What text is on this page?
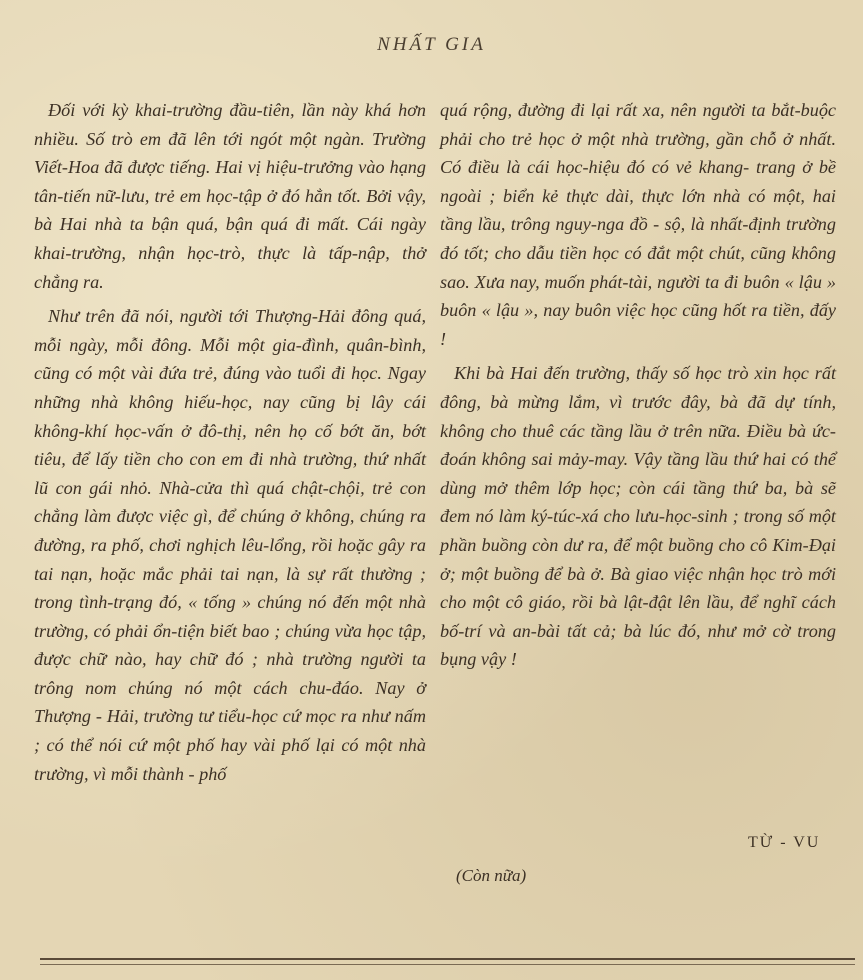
NHẤT GIA

Đối với kỳ khai-trường đầu-tiên, lần này khá hơn nhiều. Số trò em đã lên tới ngót một ngàn. Trường Viết-Hoa đã được tiếng. Hai vị hiệu-trưởng vào hạng tân-tiến nữ-lưu, trẻ em học-tập ở đó hẳn tốt. Bởi vậy, bà Hai nhà ta bận quá, bận quá đi mất. Cái ngày khai-trường, nhận học-trò, thực là tấp-nập, thở chẳng ra.

Như trên đã nói, người tới Thượng-Hải đông quá, mỗi ngày, mỗi đông. Mỗi một gia-đình, quân-bình, cũng có một vài đứa trẻ, đúng vào tuổi đi học. Ngay những nhà không hiếu-học, nay cũng bị lây cái không-khí học-vấn ở đô-thị, nên họ cố bớt ăn, bớt tiêu, để lấy tiền cho con em đi nhà trường, thứ nhất lũ con gái nhỏ. Nhà-cửa thì quá chật-chội, trẻ con chẳng làm được việc gì, để chúng ở không, chúng ra đường, ra phố, chơi nghịch lêu-lổng, rồi hoặc gây ra tai nạn, hoặc mắc phải tai nạn, là sự rất thường ; trong tình-trạng đó, « tống » chúng nó đến một nhà trường, có phải ổn-tiện biết bao ; chúng vừa học tập, được chữ nào, hay chữ đó ; nhà trường người ta trông nom chúng nó một cách chu-đáo. Nay ở Thượng - Hải, trường tư tiểu-học cứ mọc ra như nấm ; có thể nói cứ một phố hay vài phố lại có một nhà trường, vì mỗi thành - phố

quá rộng, đường đi lại rất xa, nên người ta bắt-buộc phải cho trẻ học ở một nhà trường, gần chỗ ở nhất. Có điều là cái học-hiệu đó có vẻ khang- trang ở bề ngoài ; biển kẻ thực dài, thực lớn nhà có một, hai tầng lầu, trông nguy-nga đồ - sộ, là nhất-định trường đó tốt; cho dẫu tiền học có đắt một chút, cũng không sao. Xưa nay, muốn phát-tài, người ta đi buôn « lậu » buôn « lậu », nay buôn việc học cũng hốt ra tiền, đấy !

Khi bà Hai đến trường, thấy số học trò xin học rất đông, bà mừng lắm, vì trước đây, bà đã dự tính, không cho thuê các tầng lầu ở trên nữa. Điều bà ức-đoán không sai mảy-may. Vậy tầng lầu thứ hai có thể dùng mở thêm lớp học; còn cái tầng thứ ba, bà sẽ đem nó làm ký-túc-xá cho lưu-học-sinh ; trong số một phần buồng còn dư ra, để một buồng cho cô Kim-Đại ở; một buồng để bà ở. Bà giao việc nhận học trò mới cho một cô giáo, rồi bà lật-đật lên lầu, để nghĩ cách bố-trí và an-bài tất cả; bà lúc đó, như mở cờ trong bụng vậy !

TỪ - VU
(Còn nữa)
